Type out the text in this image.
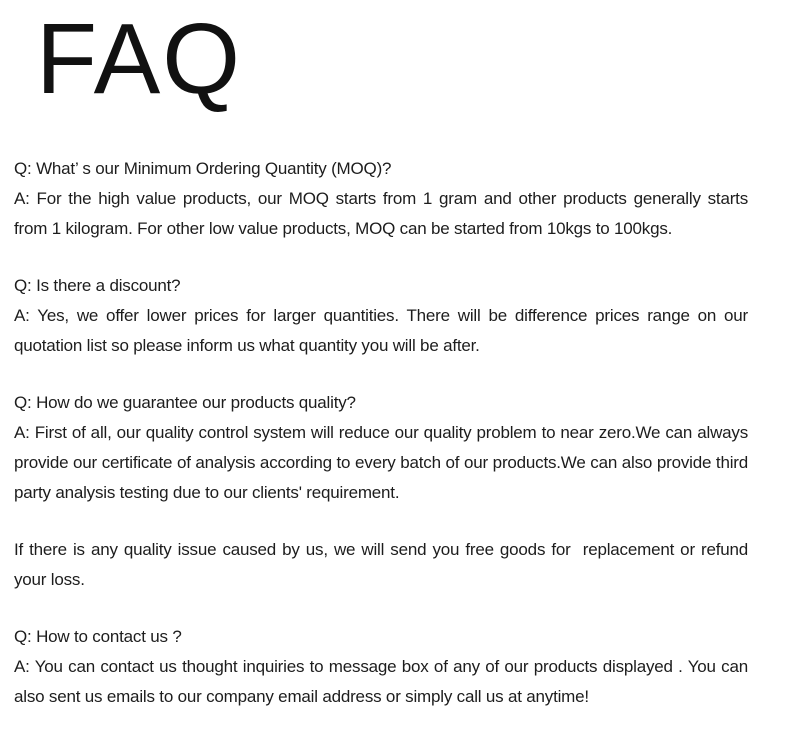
FAQ

Q: What’ s our Minimum Ordering Quantity (MOQ)?

A: For the high value products, our MOQ starts from 1 gram and other products generally starts from 1 kilogram. For other low value products, MOQ can be started from 10kgs to 100kgs.

Q: Is there a discount?

A: Yes, we offer lower prices for larger quantities. There will be difference prices range on our quotation list so please inform us what quantity you will be after.

Q: How do we guarantee our products quality?

A: First of all, our quality control system will reduce our quality problem to near zero.We can always provide our certificate of analysis according to every batch of our products.We can also provide third party analysis testing due to our clients' requirement.

If there is any quality issue caused by us, we will send you free goods for  replacement or refund your loss.

Q: How to contact us ?

A: You can contact us thought inquiries to message box of any of our products displayed . You can also sent us emails to our company email address or simply call us at anytime!
